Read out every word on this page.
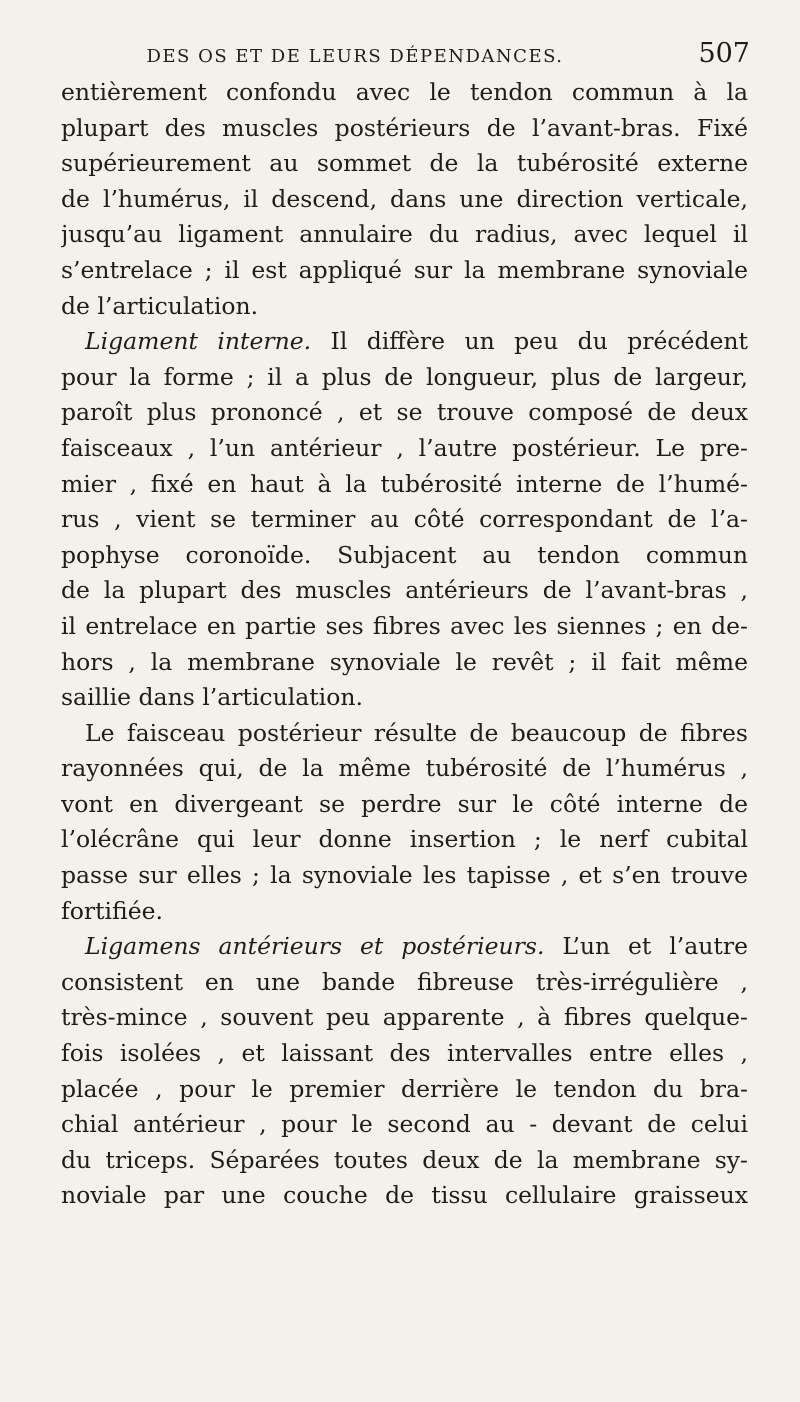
DES OS ET DE LEURS DÉPENDANCES.	507
entièrement confondu avec le tendon commun à la
plupart des muscles postérieurs de l’avant-bras. Fixé
supérieurement au sommet de la tubérosité externe
de l’humérus, il descend, dans une direction verticale,
jusqu’au ligament annulaire du radius, avec lequel il
s’entrelace ; il est appliqué sur la membrane synoviale
de l’articulation.
Ligament interne. Il diffère un peu du précédent
pour la forme ; il a plus de longueur, plus de largeur,
paroît plus prononcé , et se trouve composé de deux
faisceaux , l’un antérieur , l’autre postérieur. Le pre-
mier , fixé en haut à la tubérosité interne de l’humé-
rus , vient se terminer au côté correspondant de l’a-
pophyse coronoïde. Subjacent au tendon commun
de la plupart des muscles antérieurs de l’avant-bras ,
il entrelace en partie ses fibres avec les siennes ; en de-
hors , la membrane synoviale le revêt ; il fait même
saillie dans l’articulation.
Le faisceau postérieur résulte de beaucoup de fibres
rayonnées qui, de la même tubérosité de l’humérus ,
vont en divergeant se perdre sur le côté interne de
l’olécrâne qui leur donne insertion ; le nerf cubital
passe sur elles ; la synoviale les tapisse , et s’en trouve
fortifiée.
Ligamens antérieurs et postérieurs. L’un et l’autre
consistent en une bande fibreuse très-irrégulière ,
très-mince , souvent peu apparente , à fibres quelque-
fois isolées , et laissant des intervalles entre elles ,
placée , pour le premier derrière le tendon du bra-
chial antérieur , pour le second au - devant de celui
du triceps. Séparées toutes deux de la membrane sy-
noviale par une couche de tissu cellulaire graisseux
